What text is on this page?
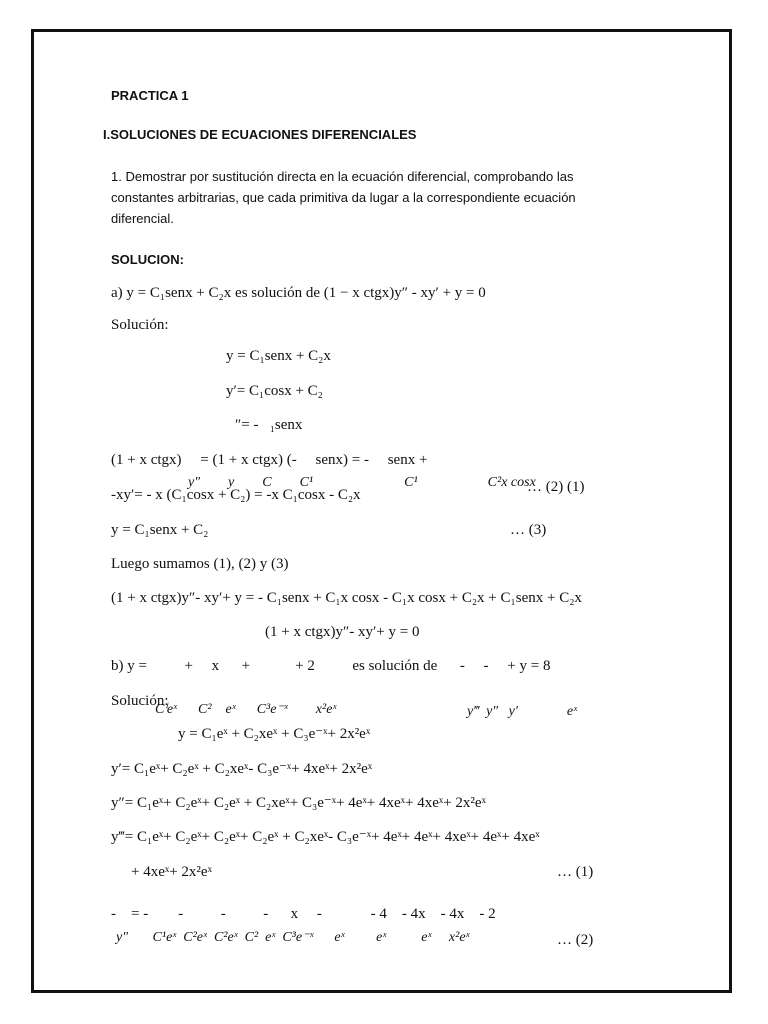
PRACTICA 1
I.SOLUCIONES DE ECUACIONES DIFERENCIALES
1. Demostrar por sustitución directa en la ecuación diferencial, comprobando las
constantes arbitrarias, que cada primitiva da lugar a la correspondiente ecuación
diferencial.
SOLUCION:
a) y = C₁senx + C₂x es solución de (1 − x ctgx)y″ - xy′ + y = 0
Solución:
y = C₁senx + C₂x
y′= C₁cosx + C₂
″= -   ₁senx
(1 + x ctgx)     = (1 + x ctgx) (-     senx) = -     senx +
y″        y        C        C¹                          C¹                    C²x cosx
-xy′= - x (C₁cosx + C₂) = -x C₁cosx - C₂x	… (2) (1)
y = C₁senx + C₂	… (3)
Luego sumamos (1), (2) y (3)
(1 + x ctgx)y″- xy′+ y = - C₁senx + C₁x cosx - C₁x cosx + C₂x + C₁senx + C₂x
(1 + x ctgx)y″- xy′+ y = 0
b) y =          +     x      +            + 2          es solución de      -     -     + y = 8
Solución:
Cⁱeˣ      C²    eˣ      C³e⁻ˣ        x²eˣ	y‴  y″   y′              eˣ
y = C₁eˣ + C₂xeˣ + C₃e⁻ˣ+ 2x²eˣ
y′= C₁eˣ+ C₂eˣ + C₂xeˣ- C₃e⁻ˣ+ 4xeˣ+ 2x²eˣ
y″= C₁eˣ+ C₂eˣ+ C₂eˣ + C₂xeˣ+ C₃e⁻ˣ+ 4eˣ+ 4xeˣ+ 4xeˣ+ 2x²eˣ
y‴= C₁eˣ+ C₂eˣ+ C₂eˣ+ C₂eˣ + C₂xeˣ- C₃e⁻ˣ+ 4eˣ+ 4eˣ+ 4xeˣ+ 4eˣ+ 4xeˣ
+ 4xeˣ+ 2x²eˣ	… (1)
-    = -        -          -          -      x     -             - 4    - 4x    - 4x    - 2
y″       C¹eˣ  C²eˣ  C²eˣ  C²  eˣ  C³e⁻ˣ      eˣ         eˣ          eˣ     x²eˣ	… (2)
